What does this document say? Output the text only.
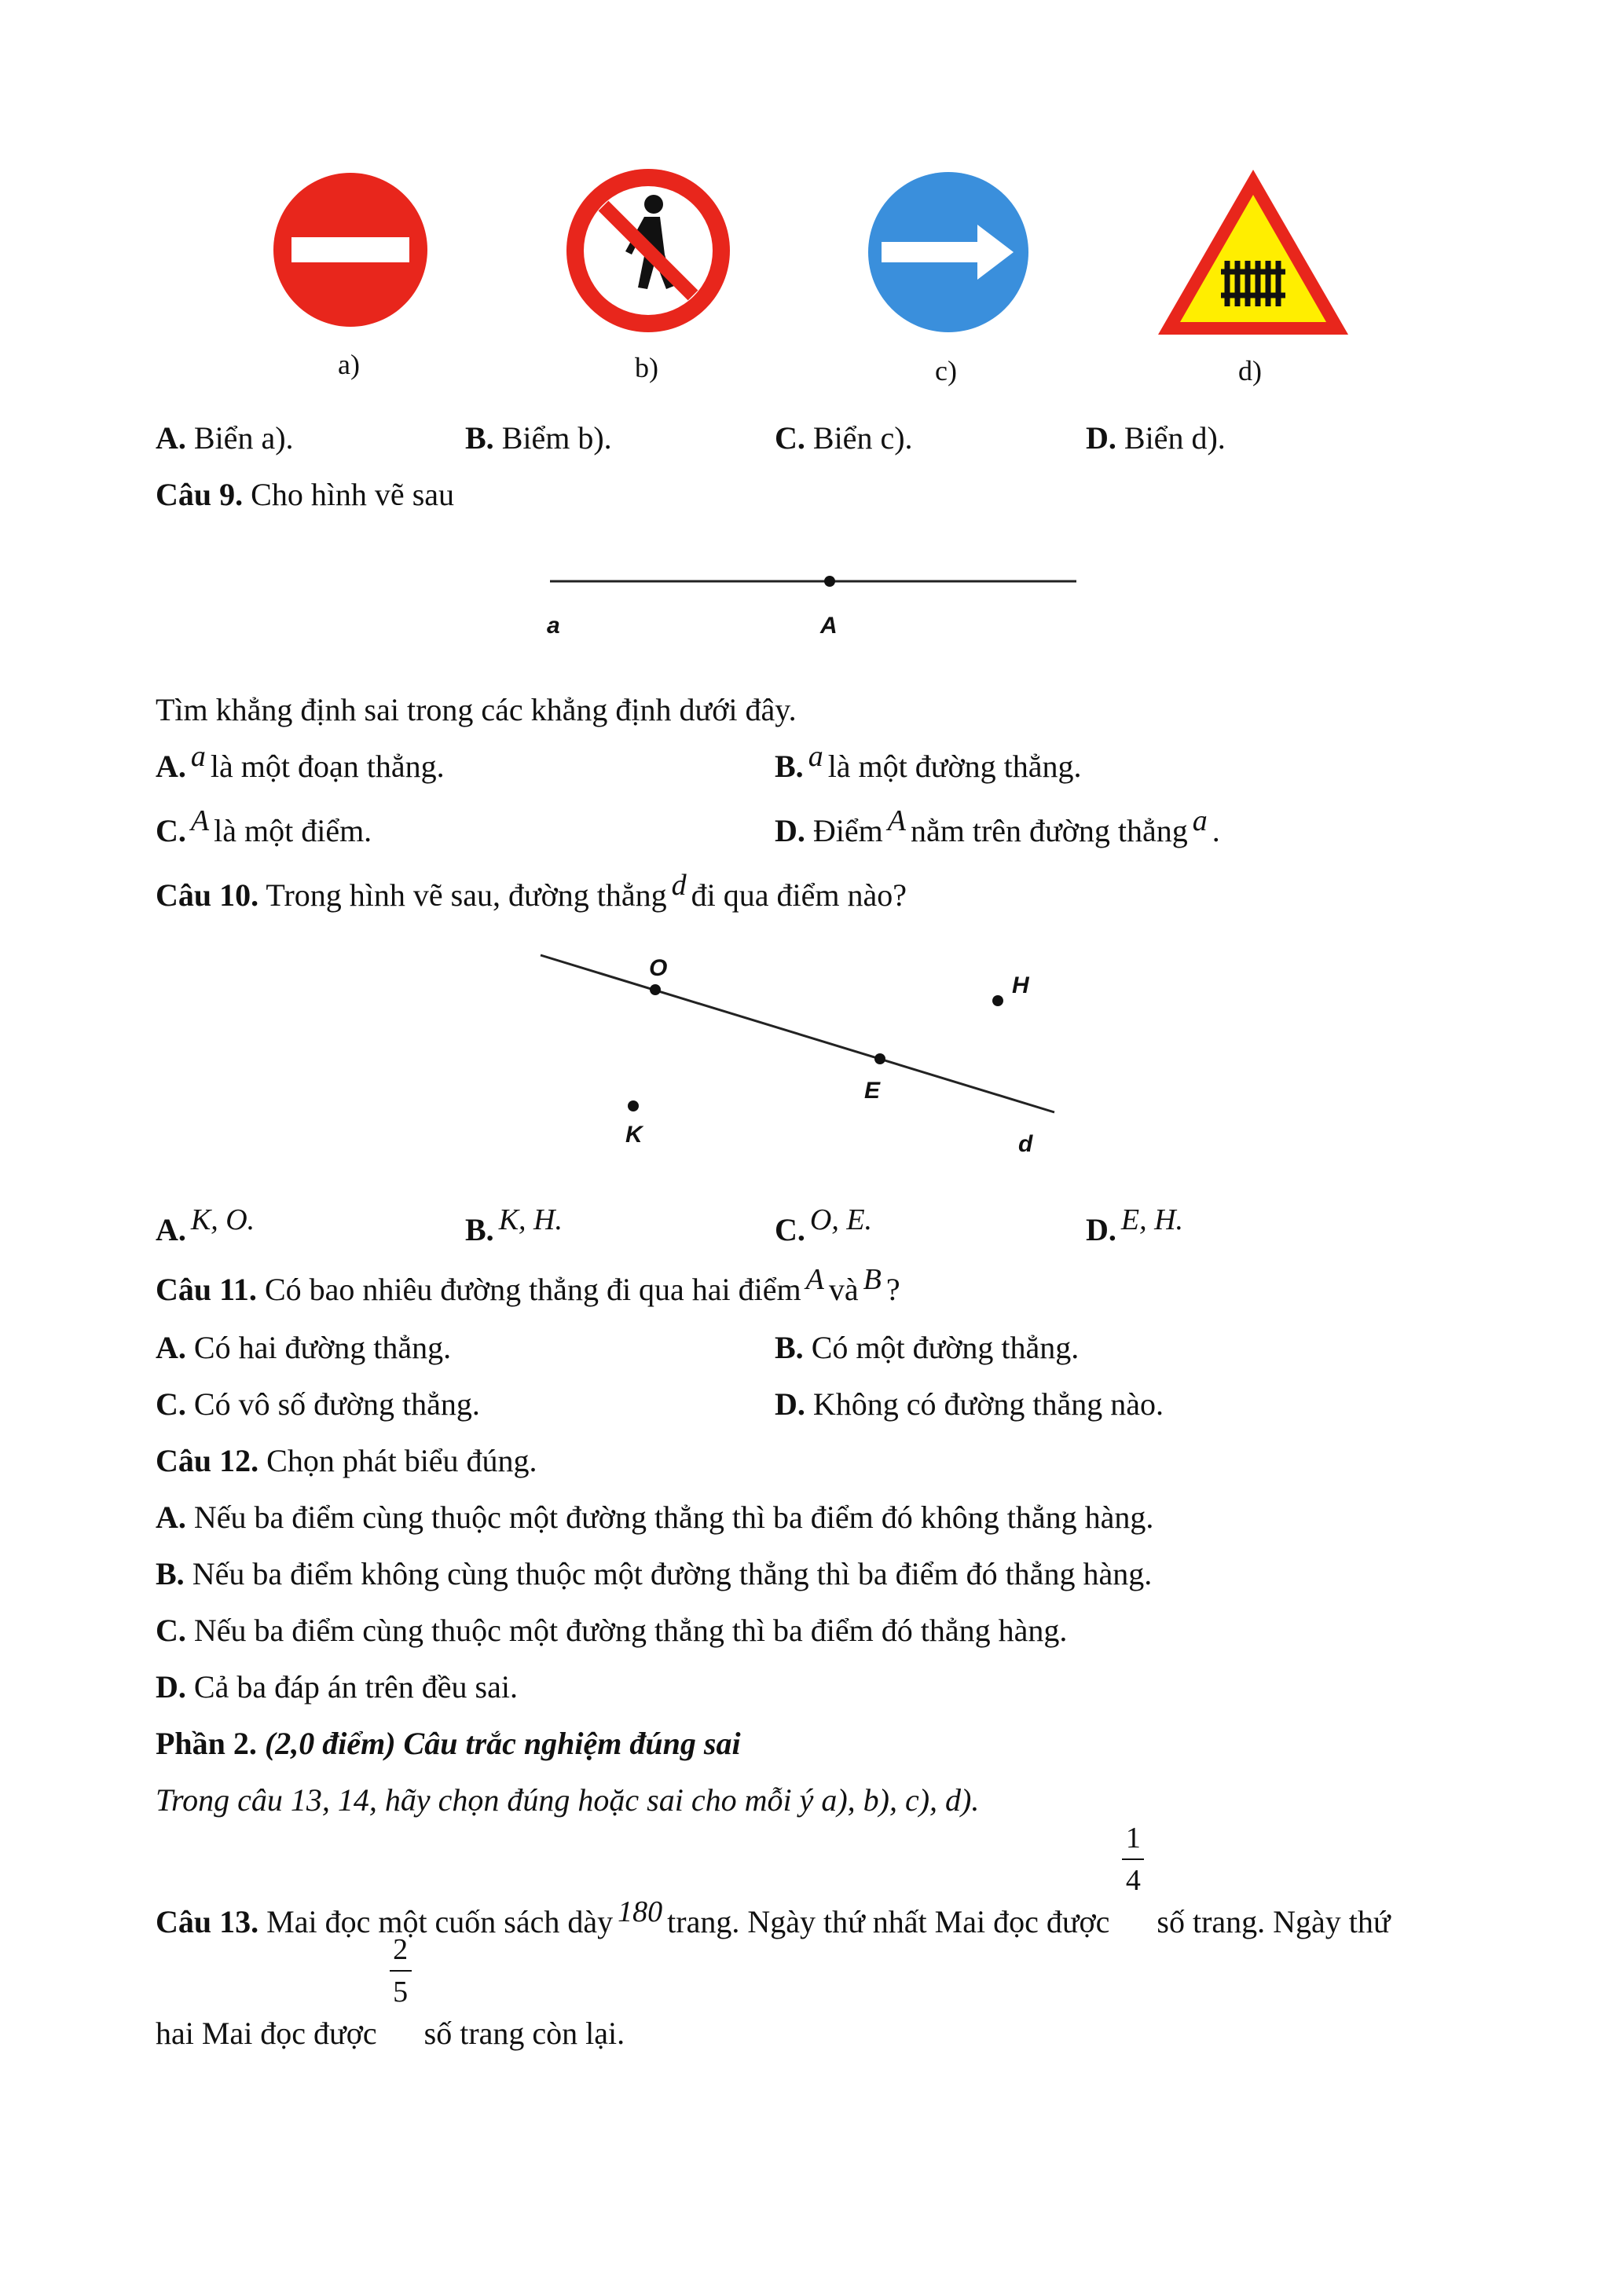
a)	b)	c)	d)
A. Biển a).	B. Biểm b).	C. Biển c).	D. Biển d).
Câu 9. Cho hình vẽ sau
a	A
Tìm khẳng định sai trong các khẳng định dưới đây.
A. a là một đoạn thẳng.	B. a là một đường thẳng.
C. A là một điểm.	D. Điểm A nằm trên đường thẳng a .
Câu 10. Trong hình vẽ sau, đường thẳng d đi qua điểm nào?
O
H
E
K	d
A. K, O.	B. K, H.	C. O, E.	D. E, H.
Câu 11. Có bao nhiêu đường thẳng đi qua hai điểm A và B ?
A. Có hai đường thẳng.	B. Có một đường thẳng.
C. Có vô số đường thẳng.	D. Không có đường thẳng nào.
Câu 12. Chọn phát biểu đúng.
A. Nếu ba điểm cùng thuộc một đường thẳng thì ba điểm đó không thẳng hàng.
B. Nếu ba điểm không cùng thuộc một đường thẳng thì ba điểm đó thẳng hàng.
C. Nếu ba điểm cùng thuộc một đường thẳng thì ba điểm đó thẳng hàng.
D. Cả ba đáp án trên đều sai.
Phần 2. (2,0 điểm) Câu trắc nghiệm đúng sai
Trong câu 13, 14, hãy chọn đúng hoặc sai cho mỗi ý a), b), c), d).
Câu 13. Mai đọc một cuốn sách dày 180 trang. Ngày thứ nhất Mai đọc được $\frac{1}{4}$ số trang. Ngày thứ
hai Mai đọc được $\frac{2}{5}$ số trang còn lại.
